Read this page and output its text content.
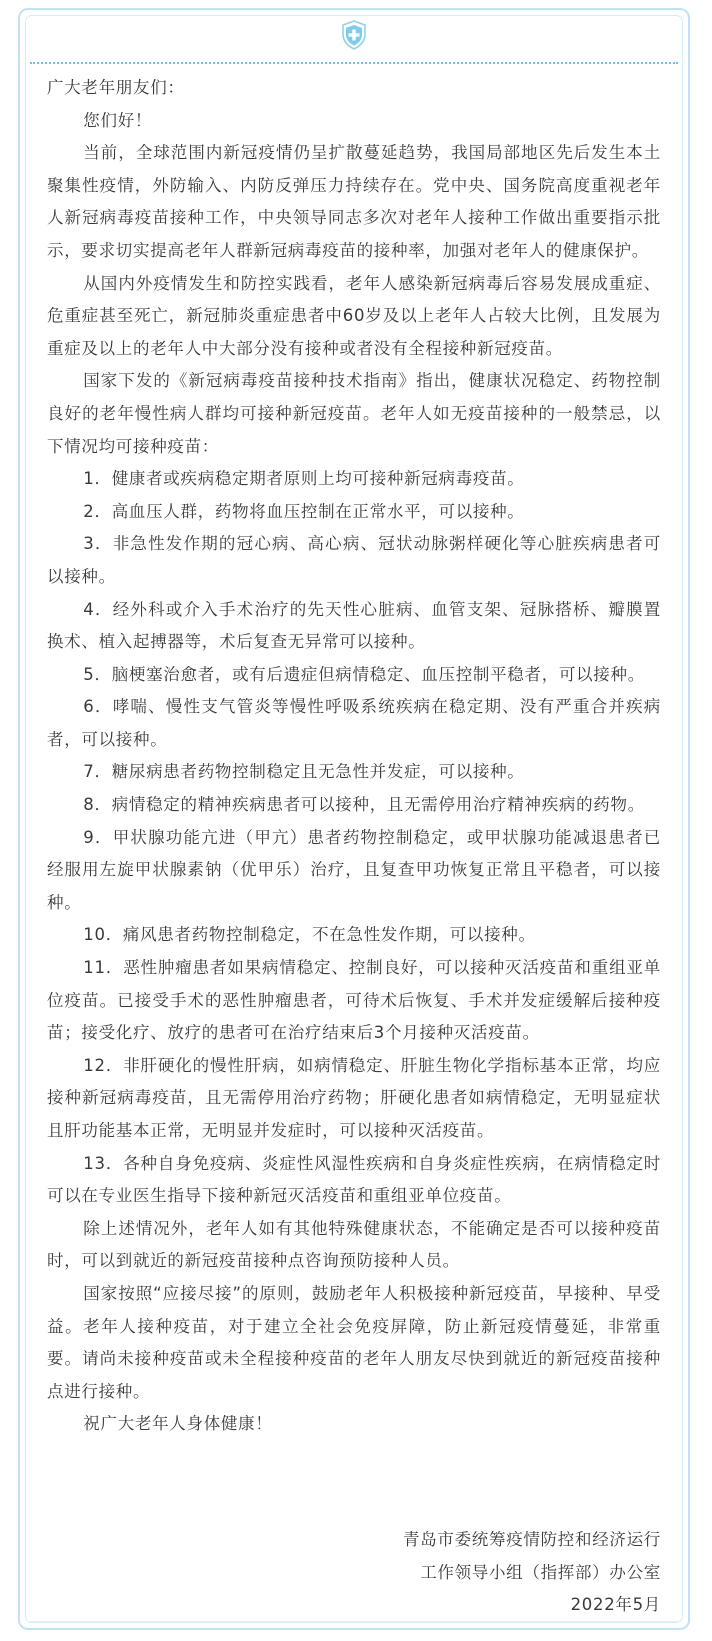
广大老年朋友们：

您们好！

当前，全球范围内新冠疫情仍呈扩散蔓延趋势，我国局部地区先后发生本土聚集性疫情，外防输入、内防反弹压力持续存在。党中央、国务院高度重视老年人新冠病毒疫苗接种工作，中央领导同志多次对老年人接种工作做出重要指示批示，要求切实提高老年人群新冠病毒疫苗的接种率，加强对老年人的健康保护。

从国内外疫情发生和防控实践看，老年人感染新冠病毒后容易发展成重症、危重症甚至死亡，新冠肺炎重症患者中60岁及以上老年人占较大比例，且发展为重症及以上的老年人中大部分没有接种或者没有全程接种新冠疫苗。

国家下发的《新冠病毒疫苗接种技术指南》指出，健康状况稳定、药物控制良好的老年慢性病人群均可接种新冠疫苗。老年人如无疫苗接种的一般禁忌，以下情况均可接种疫苗：

1．健康者或疾病稳定期者原则上均可接种新冠病毒疫苗。

2．高血压人群，药物将血压控制在正常水平，可以接种。

3．非急性发作期的冠心病、高心病、冠状动脉粥样硬化等心脏疾病患者可以接种。

4．经外科或介入手术治疗的先天性心脏病、血管支架、冠脉搭桥、瓣膜置换术、植入起搏器等，术后复查无异常可以接种。

5．脑梗塞治愈者，或有后遗症但病情稳定、血压控制平稳者，可以接种。

6．哮喘、慢性支气管炎等慢性呼吸系统疾病在稳定期、没有严重合并疾病者，可以接种。

7．糖尿病患者药物控制稳定且无急性并发症，可以接种。

8．病情稳定的精神疾病患者可以接种，且无需停用治疗精神疾病的药物。

9．甲状腺功能亢进（甲亢）患者药物控制稳定，或甲状腺功能减退患者已经服用左旋甲状腺素钠（优甲乐）治疗，且复查甲功恢复正常且平稳者，可以接种。

10．痛风患者药物控制稳定，不在急性发作期，可以接种。

11．恶性肿瘤患者如果病情稳定、控制良好，可以接种灭活疫苗和重组亚单位疫苗。已接受手术的恶性肿瘤患者，可待术后恢复、手术并发症缓解后接种疫苗；接受化疗、放疗的患者可在治疗结束后3个月接种灭活疫苗。

12．非肝硬化的慢性肝病，如病情稳定、肝脏生物化学指标基本正常，均应接种新冠病毒疫苗，且无需停用治疗药物；肝硬化患者如病情稳定，无明显症状且肝功能基本正常，无明显并发症时，可以接种灭活疫苗。

13．各种自身免疫病、炎症性风湿性疾病和自身炎症性疾病，在病情稳定时可以在专业医生指导下接种新冠灭活疫苗和重组亚单位疫苗。

除上述情况外，老年人如有其他特殊健康状态，不能确定是否可以接种疫苗时，可以到就近的新冠疫苗接种点咨询预防接种人员。

国家按照“应接尽接”的原则，鼓励老年人积极接种新冠疫苗，早接种、早受益。老年人接种疫苗，对于建立全社会免疫屏障，防止新冠疫情蔓延，非常重要。请尚未接种疫苗或未全程接种疫苗的老年人朋友尽快到就近的新冠疫苗接种点进行接种。

祝广大老年人身体健康！

青岛市委统筹疫情防控和经济运行
工作领导小组（指挥部）办公室
2022年5月
